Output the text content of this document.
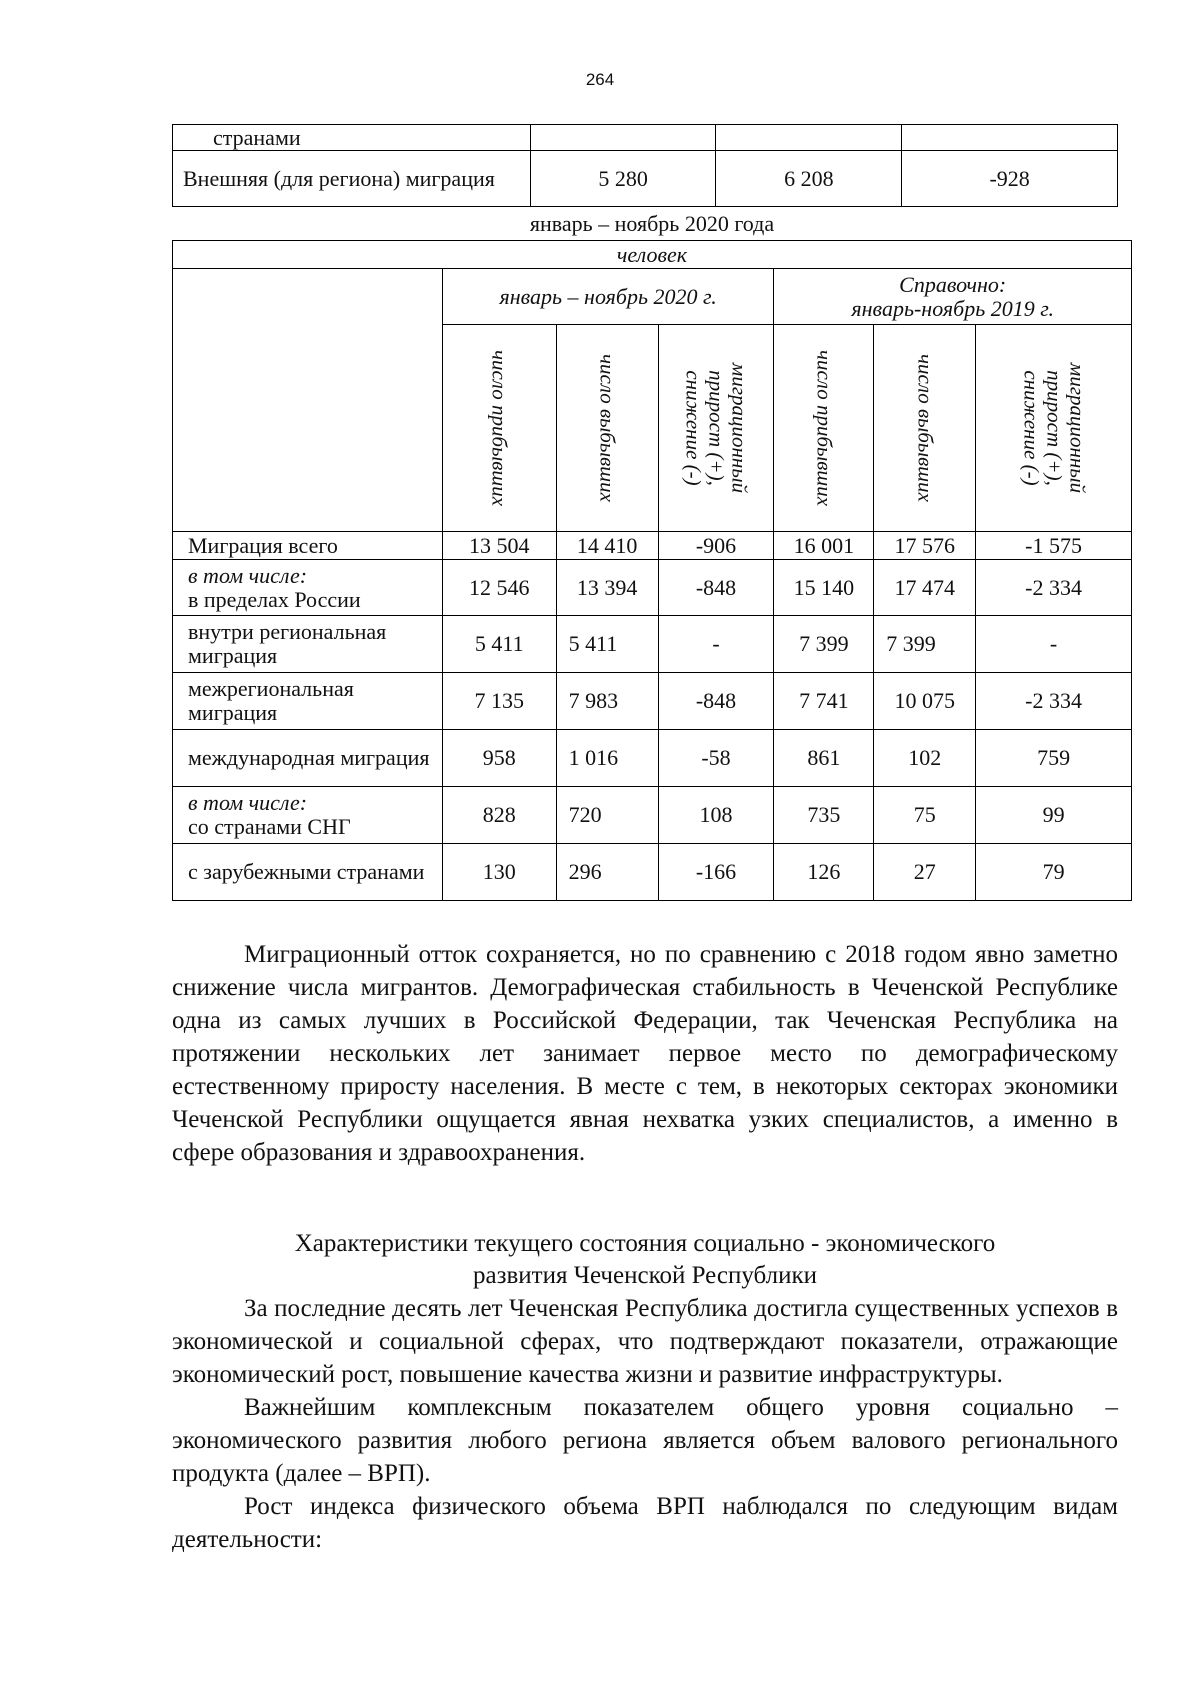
264
странами			
Внешняя (для региона) миграция	5 280	6 208	-928
январь – ноябрь 2020 года
человек						
	январь – ноябрь 2020 г.			Справочно:
январь-ноябрь 2019 г.		

	число прибывших	число выбывших	миграционный прирост (+), снижение (-)	число прибывших	число выбывших	миграционный прирост (+), снижение (-)

Миграция всего	13 504	14 410	-906	16 001	17 576	-1 575
в том числе:
в пределах России	12 546	13 394	-848	15 140	17 474	-2 334
внутри региональная миграция	5 411	5 411	-	7 399	7 399	-
межрегиональная миграция	7 135	7 983	-848	7 741	10 075	-2 334
международная миграция	958	1 016	-58	861	102	759
в том числе:
со странами СНГ	828	720	108	735	75	99
с зарубежными странами	130	296	-166	126	27	79

Миграционный отток сохраняется, но по сравнению с 2018 годом явно заметно снижение числа мигрантов. Демографическая стабильность в Чеченской Республике одна из самых лучших в Российской Федерации, так Чеченская Республика на протяжении нескольких лет занимает первое место по демографическому естественному приросту населения. В месте с тем, в некоторых секторах экономики Чеченской Республики ощущается явная нехватка узких специалистов, а именно в сфере образования и здравоохранения.

Характеристики текущего состояния социально - экономического
развития Чеченской Республики

За последние десять лет Чеченская Республика достигла существенных успехов в экономической и социальной сферах, что подтверждают показатели, отражающие экономический рост, повышение качества жизни и развитие инфраструктуры.

Важнейшим комплексным показателем общего уровня социально – экономического развития любого региона является объем валового регионального продукта (далее – ВРП).

Рост индекса физического объема ВРП наблюдался по следующим видам деятельности:
